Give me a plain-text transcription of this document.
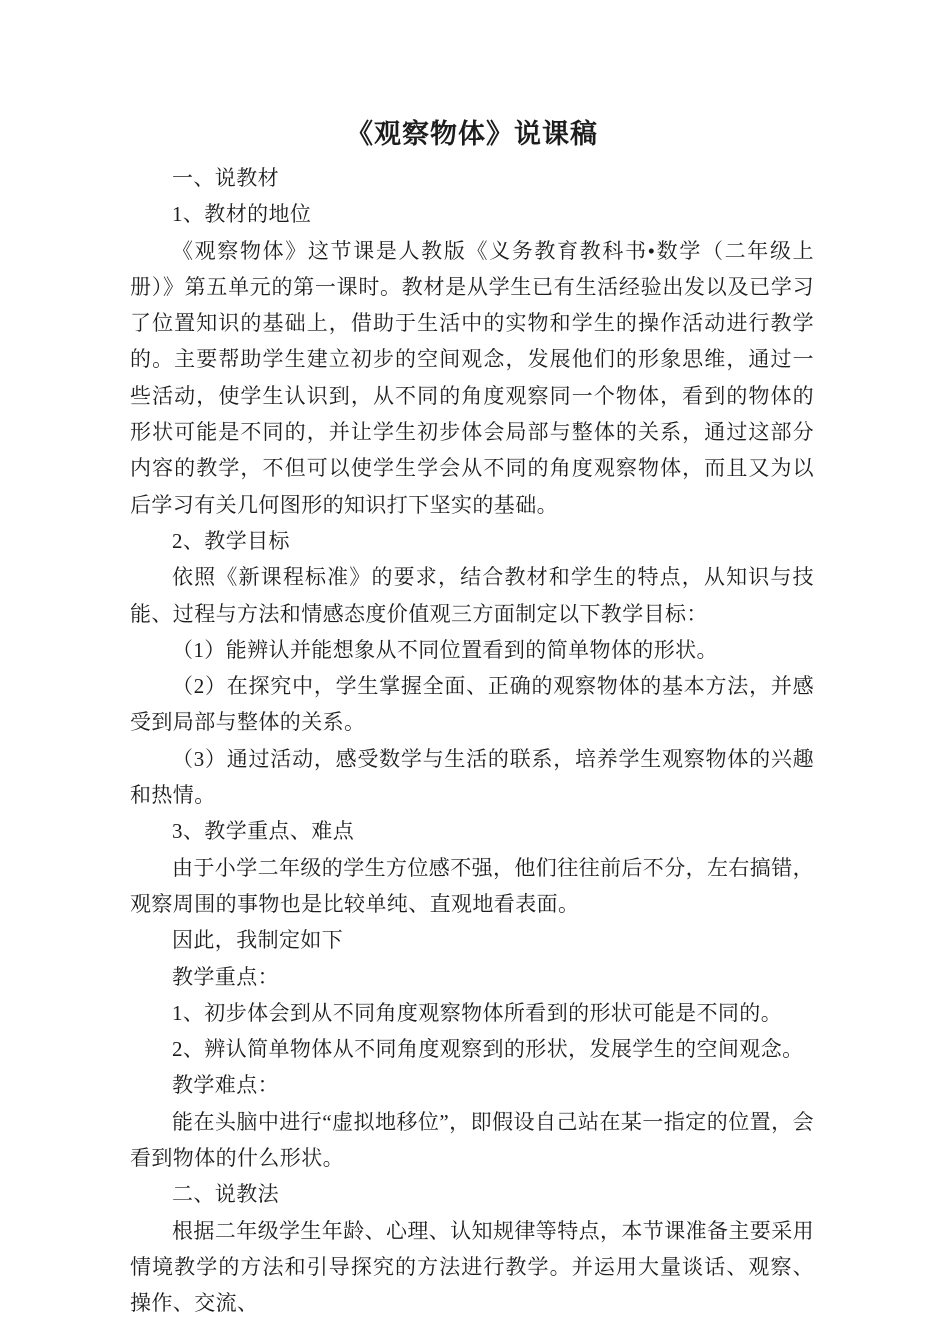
《观察物体》说课稿

一、说教材

1、教材的地位

《观察物体》这节课是人教版《义务教育教科书•数学（二年级上册）》第五单元的第一课时。教材是从学生已有生活经验出发以及已学习了位置知识的基础上，借助于生活中的实物和学生的操作活动进行教学的。主要帮助学生建立初步的空间观念，发展他们的形象思维，通过一些活动，使学生认识到，从不同的角度观察同一个物体，看到的物体的形状可能是不同的，并让学生初步体会局部与整体的关系，通过这部分内容的教学，不但可以使学生学会从不同的角度观察物体，而且又为以后学习有关几何图形的知识打下坚实的基础。

2、教学目标

依照《新课程标准》的要求，结合教材和学生的特点，从知识与技能、过程与方法和情感态度价值观三方面制定以下教学目标：

（1）能辨认并能想象从不同位置看到的简单物体的形状。

（2）在探究中，学生掌握全面、正确的观察物体的基本方法，并感受到局部与整体的关系。

（3）通过活动，感受数学与生活的联系，培养学生观察物体的兴趣和热情。

3、教学重点、难点

由于小学二年级的学生方位感不强，他们往往前后不分，左右搞错，观察周围的事物也是比较单纯、直观地看表面。

因此，我制定如下

教学重点：

1、初步体会到从不同角度观察物体所看到的形状可能是不同的。

2、辨认简单物体从不同角度观察到的形状，发展学生的空间观念。

教学难点：

能在头脑中进行“虚拟地移位”，即假设自己站在某一指定的位置，会看到物体的什么形状。

二、说教法

根据二年级学生年龄、心理、认知规律等特点，本节课准备主要采用情境教学的方法和引导探究的方法进行教学。并运用大量谈话、观察、操作、交流、
